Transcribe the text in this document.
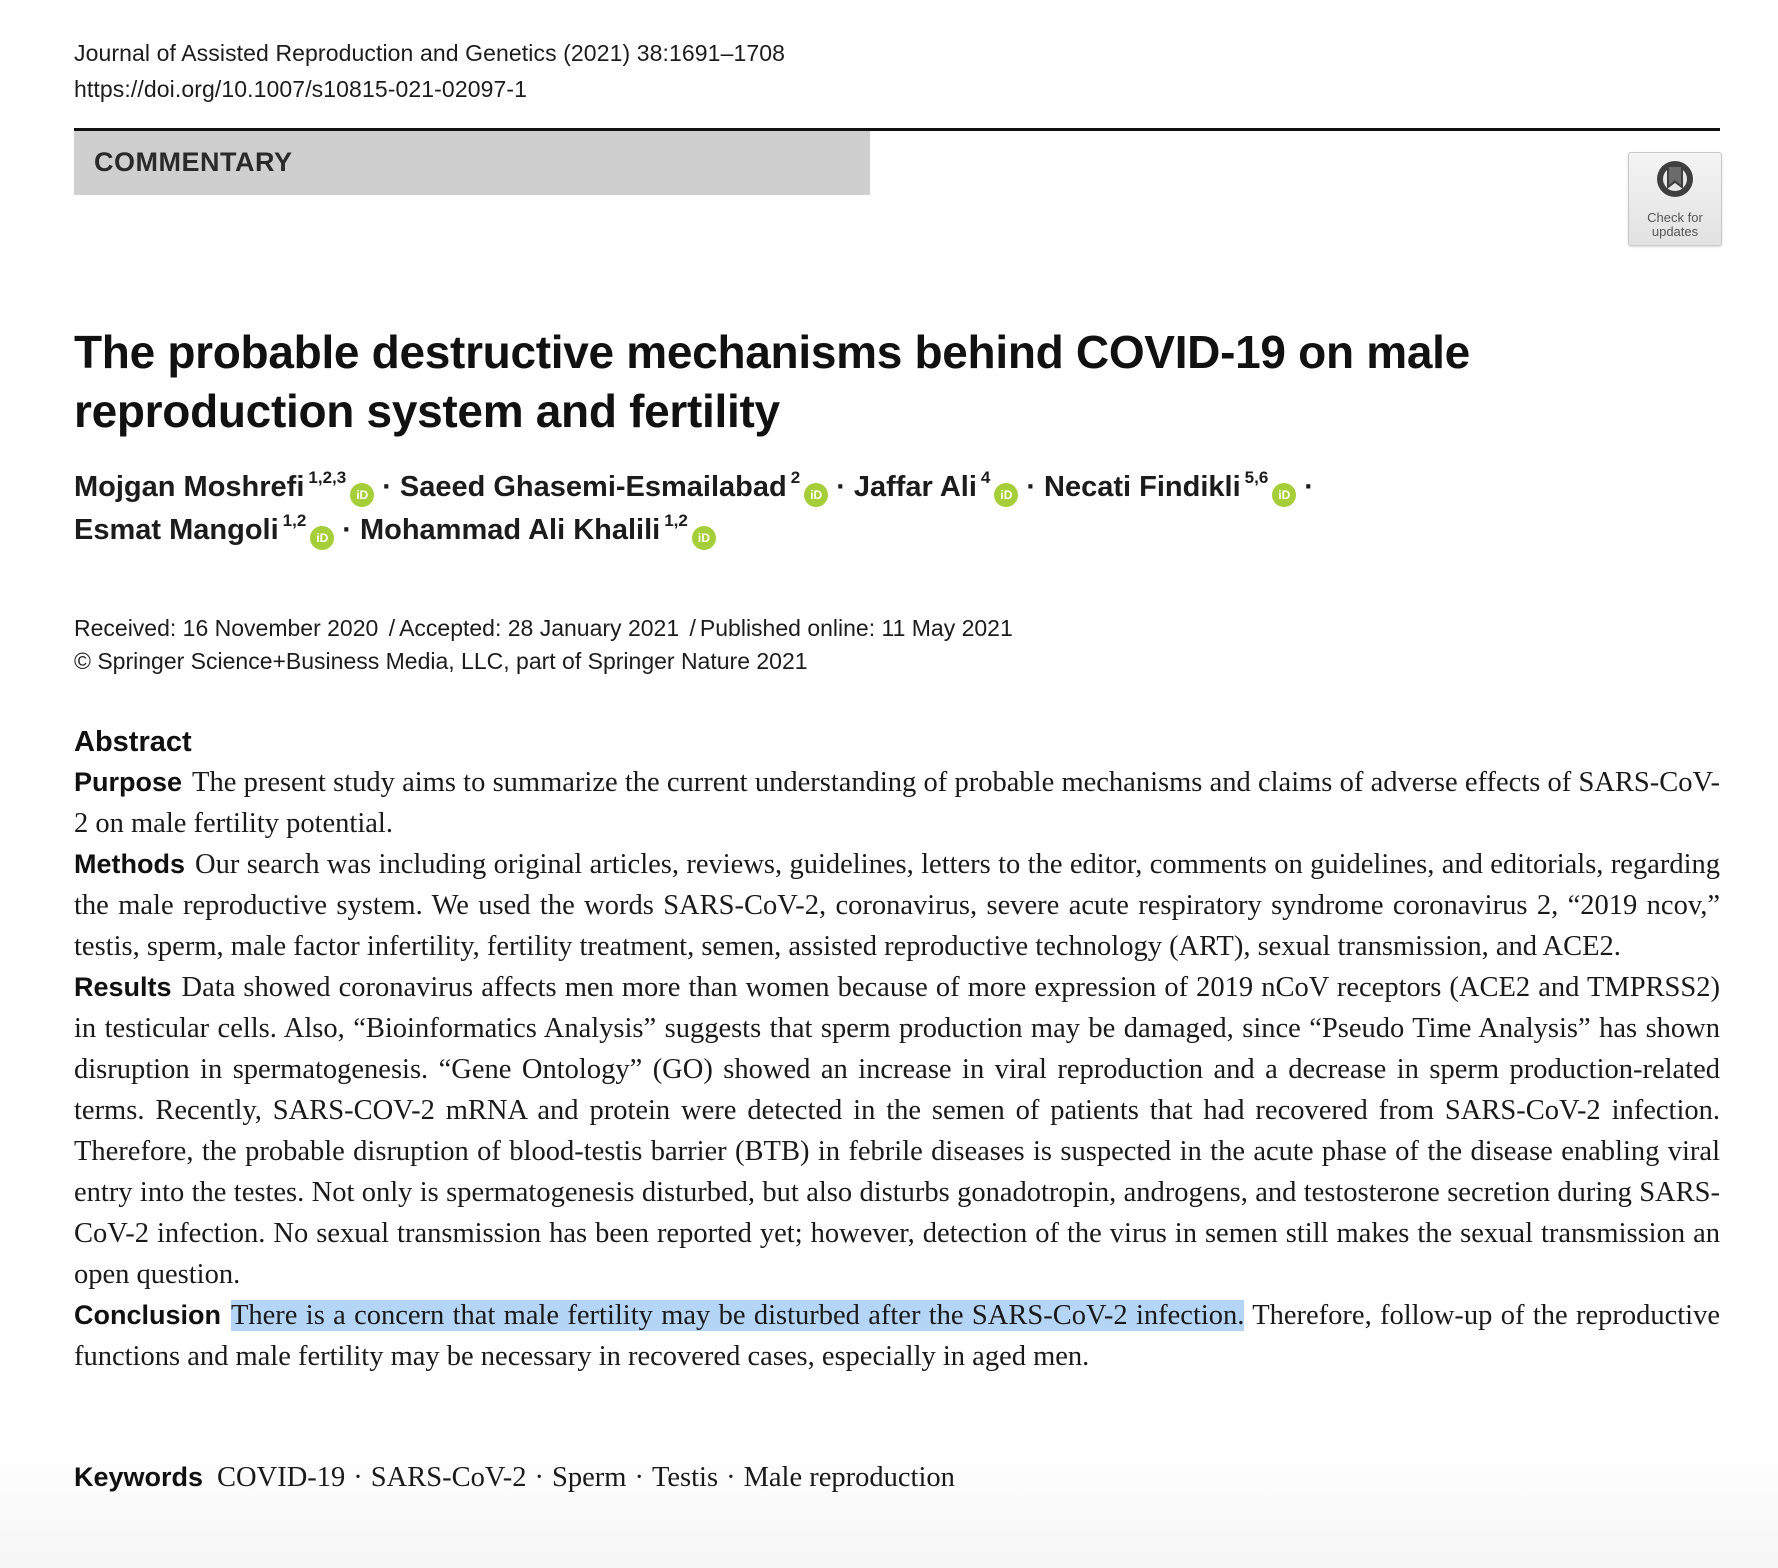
Journal of Assisted Reproduction and Genetics (2021) 38:1691–1708
https://doi.org/10.1007/s10815-021-02097-1
COMMENTARY
Check for
updates
The probable destructive mechanisms behind COVID-19 on male reproduction system and fertility
Mojgan Moshrefi $^{1,2,3}$iD · Saeed Ghasemi-Esmailabad $^2$iD · Jaffar Ali $^4$iD · Necati Findikli $^{5,6}$iD ·
Esmat Mangoli $^{1,2}$iD · Mohammad Ali Khalili $^{1,2}$iD
Received: 16 November 2020 / Accepted: 28 January 2021 / Published online: 11 May 2021
© Springer Science+Business Media, LLC, part of Springer Nature 2021
Abstract

Purpose The present study aims to summarize the current understanding of probable mechanisms and claims of adverse effects of SARS-CoV-2 on male fertility potential.

Methods Our search was including original articles, reviews, guidelines, letters to the editor, comments on guidelines, and editorials, regarding the male reproductive system. We used the words SARS-CoV-2, coronavirus, severe acute respiratory syndrome coronavirus 2, “2019 ncov,” testis, sperm, male factor infertility, fertility treatment, semen, assisted reproductive technology (ART), sexual transmission, and ACE2.

Results Data showed coronavirus affects men more than women because of more expression of 2019 nCoV receptors (ACE2 and TMPRSS2) in testicular cells. Also, “Bioinformatics Analysis” suggests that sperm production may be damaged, since “Pseudo Time Analysis” has shown disruption in spermatogenesis. “Gene Ontology” (GO) showed an increase in viral reproduction and a decrease in sperm production-related terms. Recently, SARS-COV-2 mRNA and protein were detected in the semen of patients that had recovered from SARS-CoV-2 infection. Therefore, the probable disruption of blood-testis barrier (BTB) in febrile diseases is suspected in the acute phase of the disease enabling viral entry into the testes. Not only is spermatogenesis disturbed, but also disturbs gonadotropin, androgens, and testosterone secretion during SARS-CoV-2 infection. No sexual transmission has been reported yet; however, detection of the virus in semen still makes the sexual transmission an open question.

Conclusion There is a concern that male fertility may be disturbed after the SARS-CoV-2 infection. Therefore, follow-up of the reproductive functions and male fertility may be necessary in recovered cases, especially in aged men.

Keywords COVID-19 · SARS-CoV-2 · Sperm · Testis · Male reproduction
